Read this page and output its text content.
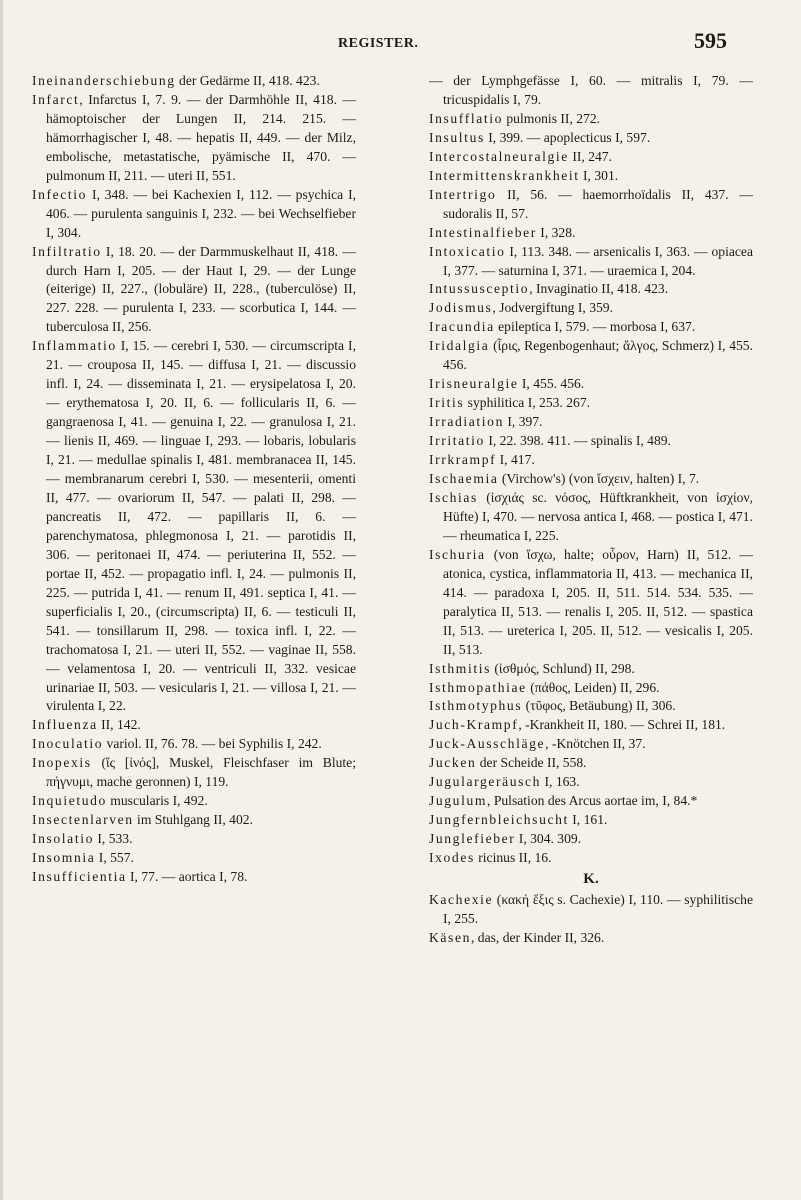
REGISTER.	595

Ineinanderschiebung der Gedärme II, 418. 423.

Infarct, Infarctus I, 7. 9. — der Darmhöhle II, 418. — hämoptoischer der Lungen II, 214. 215. — hämorrhagischer I, 48. — hepatis II, 449. — der Milz, embolische, metastatische, pyämische II, 470. — pulmonum II, 211. — uteri II, 551.

Infectio I, 348. — bei Kachexien I, 112. — psychica I, 406. — purulenta sanguinis I, 232. — bei Wechselfieber I, 304.

Infiltratio I, 18. 20. — der Darmmuskelhaut II, 418. — durch Harn I, 205. — der Haut I, 29. — der Lunge (eiterige) II, 227., (lobuläre) II, 228., (tuberculöse) II, 227. 228. — purulenta I, 233. — scorbutica I, 144. — tuberculosa II, 256.

Inflammatio I, 15. — cerebri I, 530. — circumscripta I, 21. — crouposa II, 145. — diffusa I, 21. — discussio infl. I, 24. — disseminata I, 21. — erysipelatosa I, 20. — erythematosa I, 20. II, 6. — follicularis II, 6. — gangraenosa I, 41. — genuina I, 22. — granulosa I, 21. — lienis II, 469. — linguae I, 293. — lobaris, lobularis I, 21. — medullae spinalis I, 481. membranacea II, 145. — membranarum cerebri I, 530. — mesenterii, omenti II, 477. — ovariorum II, 547. — palati II, 298. — pancreatis II, 472. — papillaris II, 6. — parenchymatosa, phlegmonosa I, 21. — parotidis II, 306. — peritonaei II, 474. — periuterina II, 552. — portae II, 452. — propagatio infl. I, 24. — pulmonis II, 225. — putrida I, 41. — renum II, 491. septica I, 41. — superficialis I, 20., (circumscripta) II, 6. — testiculi II, 541. — tonsillarum II, 298. — toxica infl. I, 22. — trachomatosa I, 21. — uteri II, 552. — vaginae II, 558. — velamentosa I, 20. — ventriculi II, 332. vesicae urinariae II, 503. — vesicularis I, 21. — villosa I, 21. — virulenta I, 22.

Influenza II, 142.

Inoculatio variol. II, 76. 78. — bei Syphilis I, 242.

Inopexis (ἴς [ἰνός], Muskel, Fleischfaser im Blute; πήγνυμι, mache geronnen) I, 119.

Inquietudo muscularis I, 492.

Insectenlarven im Stuhlgang II, 402.

Insolatio I, 533.

Insomnia I, 557.

Insufficientia I, 77. — aortica I, 78.

— der Lymphgefässe I, 60. — mitralis I, 79. — tricuspidalis I, 79.

Insufflatio pulmonis II, 272.

Insultus I, 399. — apoplecticus I, 597.

Intercostalneuralgie II, 247.

Intermittenskrankheit I, 301.

Intertrigo II, 56. — haemorrhoïdalis II, 437. — sudoralis II, 57.

Intestinalfieber I, 328.

Intoxicatio I, 113. 348. — arsenicalis I, 363. — opiacea I, 377. — saturnina I, 371. — uraemica I, 204.

Intussusceptio, Invaginatio II, 418. 423.

Jodismus, Jodvergiftung I, 359.

Iracundia epileptica I, 579. — morbosa I, 637.

Iridalgia (ἶρις, Regenbogenhaut; ἄλγος, Schmerz) I, 455. 456.

Irisneuralgie I, 455. 456.

Iritis syphilitica I, 253. 267.

Irradiation I, 397.

Irritatio I, 22. 398. 411. — spinalis I, 489.

Irrkrampf I, 417.

Ischaemia (Virchow's) (von ἴσχειν, halten) I, 7.

Ischias (ἰσχιάς sc. νόσος, Hüftkrankheit, von ἰσχίον, Hüfte) I, 470. — nervosa antica I, 468. — postica I, 471. — rheumatica I, 225.

Ischuria (von ἴσχω, halte; οὖρον, Harn) II, 512. — atonica, cystica, inflammatoria II, 413. — mechanica II, 414. — paradoxa I, 205. II, 511. 514. 534. 535. — paralytica II, 513. — renalis I, 205. II, 512. — spastica II, 513. — ureterica I, 205. II, 512. — vesicalis I, 205. II, 513.

Isthmitis (ἰσθμός, Schlund) II, 298.

Isthmopathiae (πάθος, Leiden) II, 296.

Isthmotyphus (τῦφος, Betäubung) II, 306.

Juch-Krampf, -Krankheit II, 180. — Schrei II, 181.

Juck-Ausschläge, -Knötchen II, 37.

Jucken der Scheide II, 558.

Jugulargeräusch I, 163.

Jugulum, Pulsation des Arcus aortae im, I, 84.*

Jungfernbleichsucht I, 161.

Junglefieber I, 304. 309.

Ixodes ricinus II, 16.

K.

Kachexie (κακή ἕξις s. Cachexie) I, 110. — syphilitische I, 255.

Käsen, das, der Kinder II, 326.
